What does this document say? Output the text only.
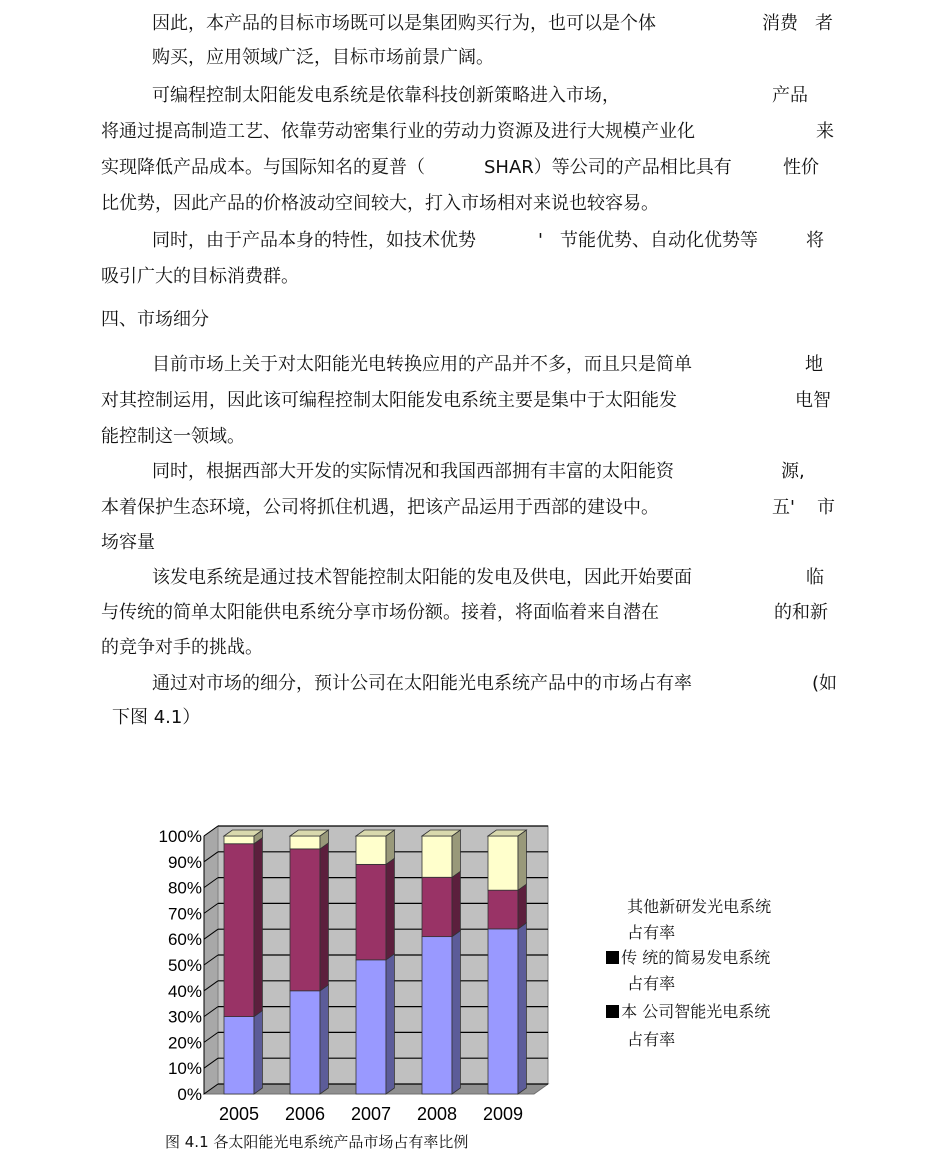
因此，本产品的目标市场既可以是集团购买行为，也可以是个体	消费 者
购买，应用领域广泛，目标市场前景广阔。
可编程控制太阳能发电系统是依靠科技创新策略进入市场，	产品
将通过提高制造工艺、依靠劳动密集行业的劳动力资源及进行大规模产业化	来
实现降低产品成本。与国际知名的夏普（	SHAR）等公司的产品相比具有	性价
比优势，因此产品的价格波动空间较大，打入市场相对来说也较容易。
同时，由于产品本身的特性，如技术优势	' 节能优势、自动化优势等	将
吸引广大的目标消费群。
四、市场细分
目前市场上关于对太阳能光电转换应用的产品并不多，而且只是简单	地
对其控制运用，因此该可编程控制太阳能发电系统主要是集中于太阳能发	电智
能控制这一领域。
同时，根据西部大开发的实际情况和我国西部拥有丰富的太阳能资	源,
本着保护生态环境，公司将抓住机遇，把该产品运用于西部的建设中。	五' 市
场容量
该发电系统是通过技术智能控制太阳能的发电及供电，因此开始要面	临
与传统的简单太阳能供电系统分享市场份额。接着，将面临着来自潜在	的和新
的竞争对手的挑战。
通过对市场的细分，预计公司在太阳能光电系统产品中的市场占有率	(如
下图 4.1）
0%
10%
20%
30%
40%
50%
60%
70%
80%
90%
100%
2005 2006 2007 2008 2009

其他新研发光电系统

占有率

传 统的简易发电系统

占有率

本 公司智能光电系统

占有率

图 4.1 各太阳能光电系统产品市场占有率比例
